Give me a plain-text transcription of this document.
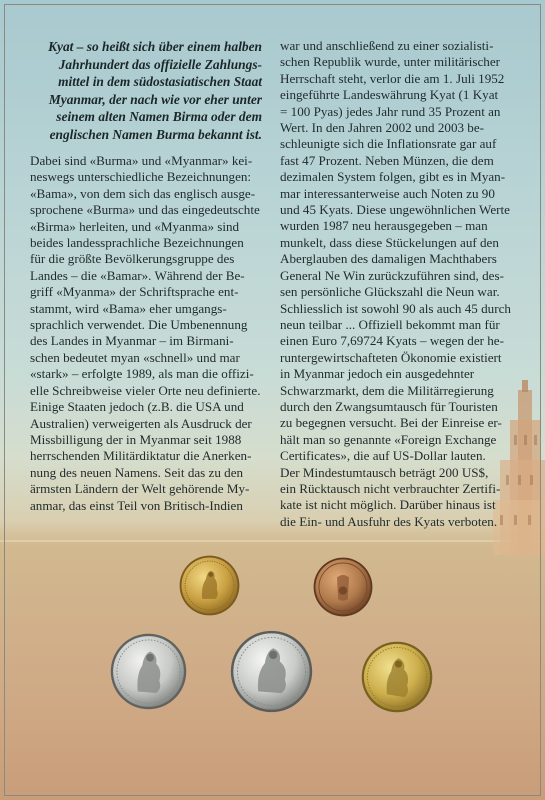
Kyat – so heißt sich über einem halben
Jahrhundert das offizielle Zahlungs-
mittel in dem südostasiatischen Staat
Myanmar, der nach wie vor eher unter
seinem alten Namen Birma oder dem
englischen Namen Burma bekannt ist.
Dabei sind «Burma» und «Myanmar» kei-
neswegs unterschiedliche Bezeichnungen:
«Bama», von dem sich das englisch ausge-
sprochene «Burma» und das eingedeutschte
«Birma» herleiten, und «Myanma» sind
beides landessprachliche Bezeichnungen
für die größte Bevölkerungsgruppe des
Landes – die «Bamar». Während der Be-
griff «Myanma» der Schriftsprache ent-
stammt, wird «Bama» eher umgangs-
sprachlich verwendet. Die Umbenennung
des Landes in Myanmar – im Birmani-
schen bedeutet myan «schnell» und mar
«stark» – erfolgte 1989, als man die offizi-
elle Schreibweise vieler Orte neu definierte.
Einige Staaten jedoch (z.B. die USA und
Australien) verweigerten als Ausdruck der
Missbilligung der in Myanmar seit 1988
herrschenden Militärdiktatur die Anerken-
nung des neuen Namens. Seit das zu den
ärmsten Ländern der Welt gehörende My-
anmar, das einst Teil von Britisch-Indien
war und anschließend zu einer sozialisti-
schen Republik wurde, unter militärischer
Herrschaft steht, verlor die am 1. Juli 1952
eingeführte Landeswährung Kyat (1 Kyat
= 100 Pyas) jedes Jahr rund 35 Prozent an
Wert. In den Jahren 2002 und 2003 be-
schleunigte sich die Inflationsrate gar auf
fast 47 Prozent. Neben Münzen, die dem
dezimalen System folgen, gibt es in Myan-
mar interessanterweise auch Noten zu 90
und 45 Kyats. Diese ungewöhnlichen Werte
wurden 1987 neu herausgegeben – man
munkelt, dass diese Stückelungen auf den
Aberglauben des damaligen Machthabers
General Ne Win zurückzuführen sind, des-
sen persönliche Glückszahl die Neun war.
Schliesslich ist sowohl 90 als auch 45 durch
neun teilbar ... Offiziell bekommt man für
einen Euro 7,69724 Kyats – wegen der he-
runtergewirtschafteten Ökonomie existiert
in Myanmar jedoch ein ausgedehnter
Schwarzmarkt, dem die Militärregierung
durch den Zwangsumtausch für Touristen
zu begegnen versucht. Bei der Einreise er-
hält man so genannte «Foreign Exchange
Certificates», die auf US-Dollar lauten.
Der Mindestumtausch beträgt 200 US$,
ein Rücktausch nicht verbrauchter Zertifi-
kate ist nicht möglich. Darüber hinaus ist
die Ein- und Ausfuhr des Kyats verboten.
